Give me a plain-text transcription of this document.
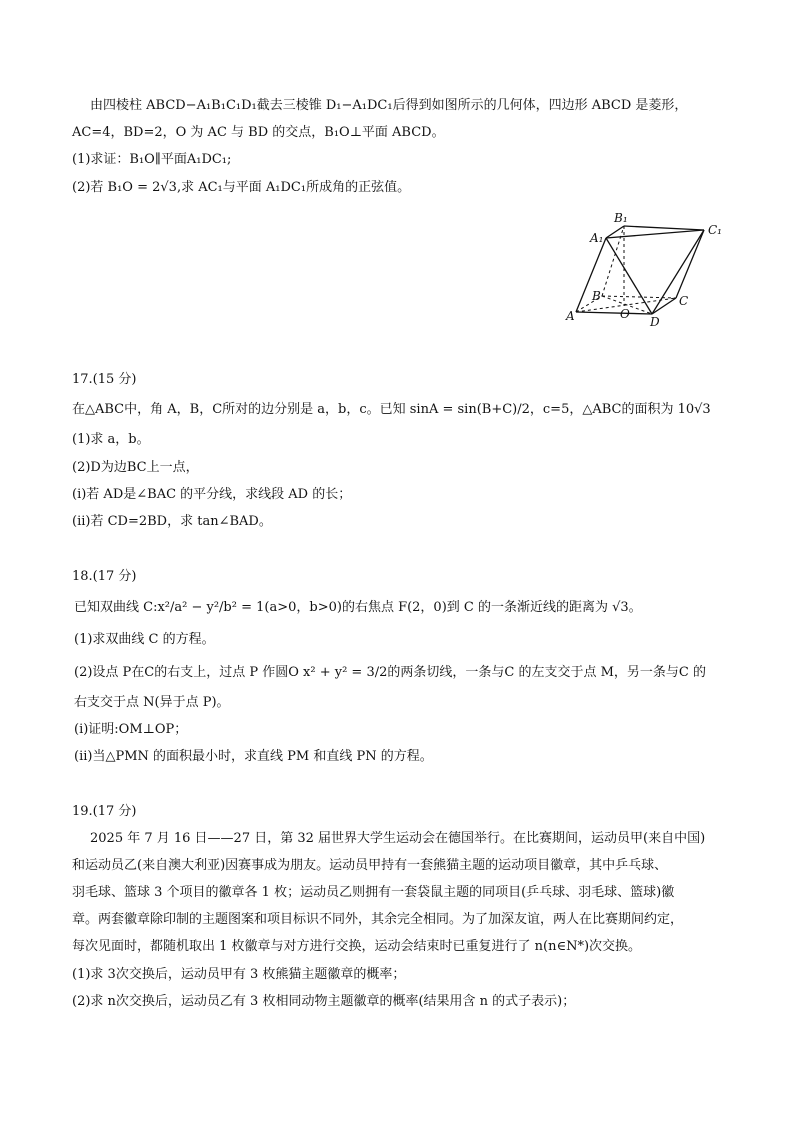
由四棱柱 ABCD−A₁B₁C₁D₁截去三棱锥 D₁−A₁DC₁后得到如图所示的几何体，四边形 ABCD 是菱形，
AC=4，BD=2，O 为 AC 与 BD 的交点，B₁O⊥平面 ABCD。
(1)求证：B₁O∥平面A₁DC₁;
(2)若 B₁O = 2√3,求 AC₁与平面 A₁DC₁所成角的正弦值。
B₁
A₁
C₁
B
A	O
C
D
17.(15 分)
在△ABC中，角 A，B，C所对的边分别是 a，b，c。已知 sinA = sin(B+C)/2，c=5，△ABC的面积为 10√3
(1)求 a，b。
(2)D为边BC上一点，
(i)若 AD是∠BAC 的平分线，求线段 AD 的长；
(ii)若 CD=2BD，求 tan∠BAD。
18.(17 分)
已知双曲线 C:x²/a² − y²/b² = 1(a>0，b>0)的右焦点 F(2，0)到 C 的一条渐近线的距离为 √3。
(1)求双曲线 C 的方程。
(2)设点 P在C的右支上，过点 P 作圆O x² + y² = 3/2的两条切线，一条与C 的左支交于点 M，另一条与C 的
右支交于点 N(异于点 P)。
(i)证明:OM⊥OP；
(ii)当△PMN 的面积最小时，求直线 PM 和直线 PN 的方程。
19.(17 分)
2025 年 7 月 16 日——27 日，第 32 届世界大学生运动会在德国举行。在比赛期间，运动员甲(来自中国)
和运动员乙(来自澳大利亚)因赛事成为朋友。运动员甲持有一套熊猫主题的运动项目徽章，其中乒乓球、
羽毛球、篮球 3 个项目的徽章各 1 枚；运动员乙则拥有一套袋鼠主题的同项目(乒乓球、羽毛球、篮球)徽
章。两套徽章除印制的主题图案和项目标识不同外，其余完全相同。为了加深友谊，两人在比赛期间约定，
每次见面时，都随机取出 1 枚徽章与对方进行交换，运动会结束时已重复进行了 n(n∈N*)次交换。
(1)求 3次交换后，运动员甲有 3 枚熊猫主题徽章的概率；
(2)求 n次交换后，运动员乙有 3 枚相同动物主题徽章的概率(结果用含 n 的式子表示)；
